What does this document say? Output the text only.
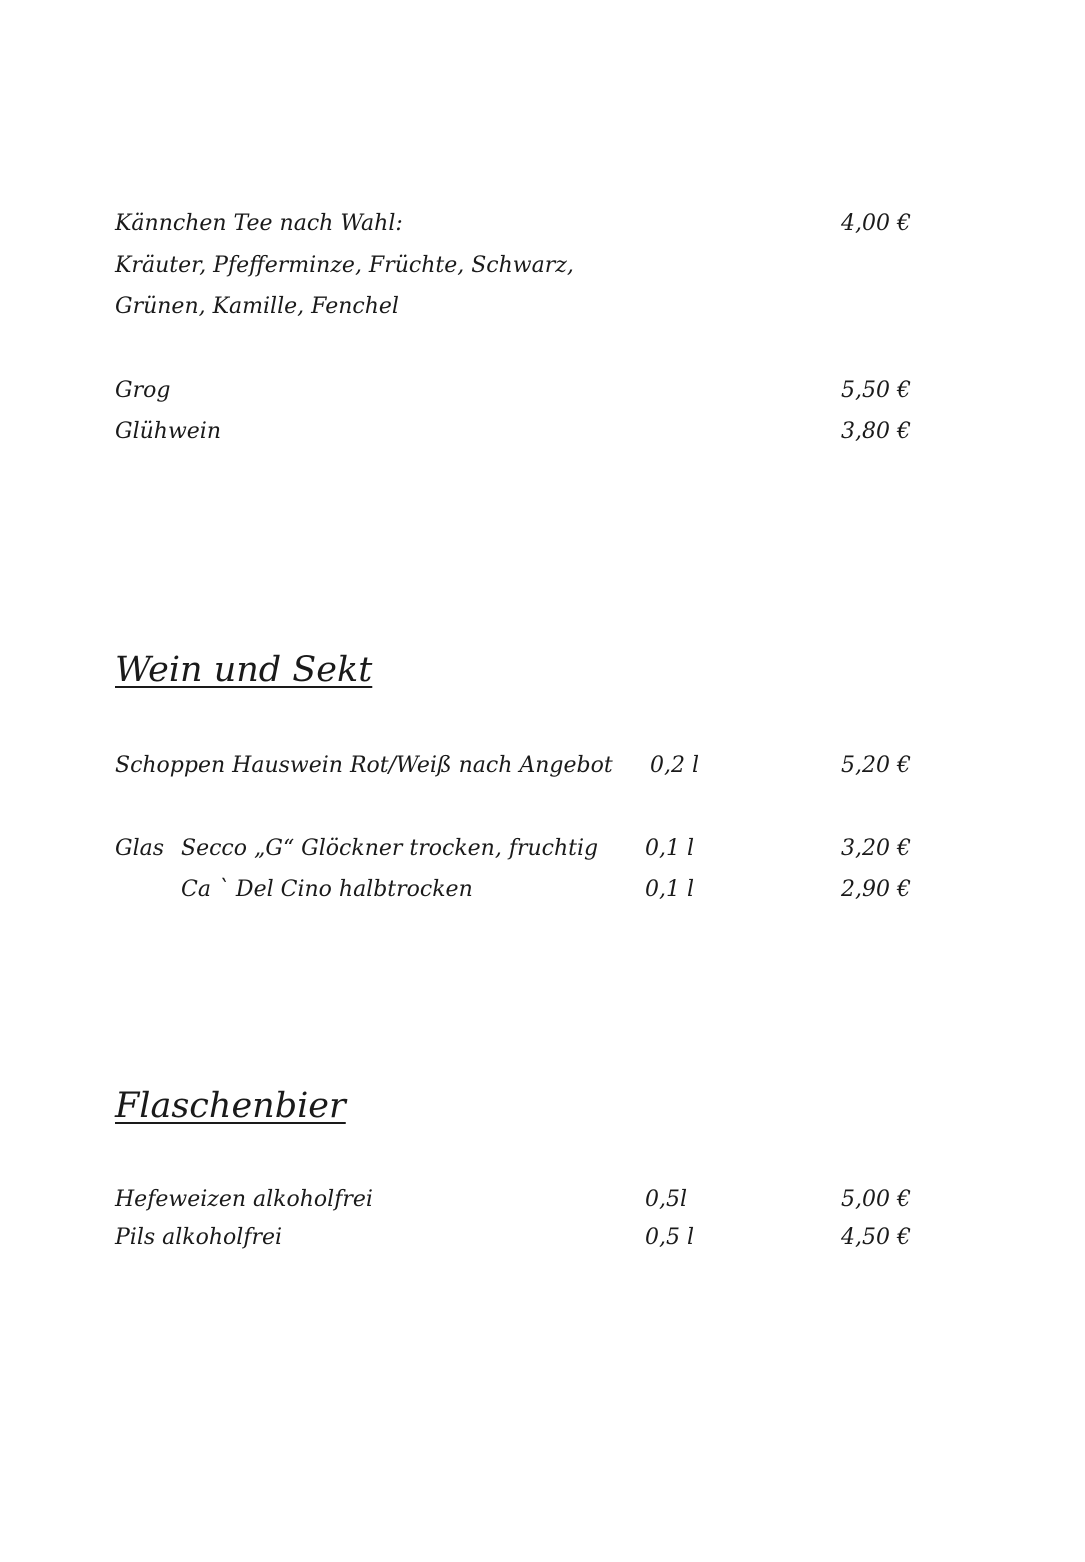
Kännchen Tee nach Wahl:	4,00 €
Kräuter, Pfefferminze, Früchte, Schwarz,
Grünen, Kamille, Fenchel
Grog	5,50 €
Glühwein	3,80 €
Wein und Sekt
Schoppen Hauswein Rot/Weiß nach Angebot 0,2 l	5,20 €
Glas Secco „G“ Glöckner trocken, fruchtig 0,1 l	3,20 €
Ca ` Del Cino halbtrocken	0,1 l	2,90 €
Flaschenbier
Hefeweizen alkoholfrei	0,5l	5,00 €
Pils alkoholfrei	0,5 l	4,50 €
